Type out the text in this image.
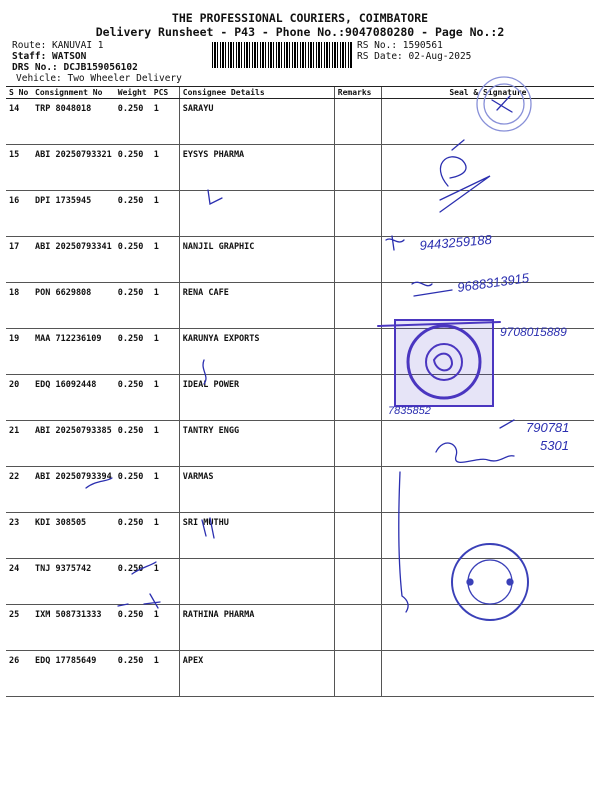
THE PROFESSIONAL COURIERS, COIMBATORE
Delivery Runsheet - P43 - Phone No.:9047080280 - Page No.:2
Route: KANUVAI 1
Staff: WATSON
DRS No.: DCJB159056102
Vehicle: Two Wheeler Delivery
RS No.: 1590561
RS Date: 02-Aug-2025
S No	Consignment No	Weight	PCS	Consignee Details	Remarks	Seal & Signature
14	TRP 8048018	0.250	1	SARAYU		
15	ABI 20250793321	0.250	1	EYSYS PHARMA		
16	DPI 1735945	0.250	1			
17	ABI 20250793341	0.250	1	NANJIL GRAPHIC		
18	PON 6629808	0.250	1	RENA CAFE		
19	MAA 712236109	0.250	1	KARUNYA EXPORTS		
20	EDQ 16092448	0.250	1	IDEAL POWER		
21	ABI 20250793385	0.250	1	TANTRY ENGG		
22	ABI 20250793394	0.250	1	VARMAS		
23	KDI 308505	0.250	1	SRI MUTHU		
24	TNJ 9375742	0.250	1			
25	IXM 508731333	0.250	1	RATHINA PHARMA		
26	EDQ 17785649	0.250	1	APEX		
9443259188
9688313915
9708015889
7835852
790781
5301
